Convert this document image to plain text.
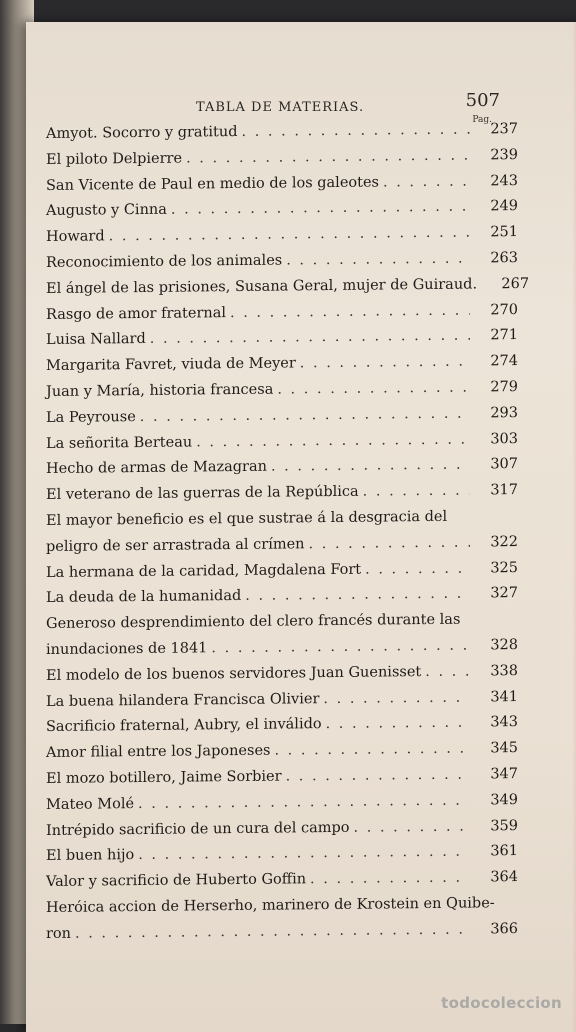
TABLA DE MATERIAS.	507
Pag.
Amyot. Socorro y gratitud . . .	237
El piloto Delpierre . . .	239
San Vicente de Paul en medio de los galeotes . . .	243
Augusto y Cinna . . .	249
Howard . . .	251
Reconocimiento de los animales . . .	263
El ángel de las prisiones, Susana Geral, mujer de Guiraud.	267
Rasgo de amor fraternal . . .	270
Luisa Nallard . . .	271
Margarita Favret, viuda de Meyer . . .	274
Juan y María, historia francesa . . .	279
La Peyrouse . . .	293
La señorita Berteau . . .	303
Hecho de armas de Mazagran . . .	307
El veterano de las guerras de la República . . .	317
El mayor beneficio es el que sustrae á la desgracia del
peligro de ser arrastrada al crímen . . .	322
La hermana de la caridad, Magdalena Fort . . .	325
La deuda de la humanidad . . .	327
Generoso desprendimiento del clero francés durante las
inundaciones de 1841 . . .	328
El modelo de los buenos servidores Juan Guenisset . . .	338
La buena hilandera Francisca Olivier . . .	341
Sacrificio fraternal, Aubry, el inválido . . .	343
Amor filial entre los Japoneses . . .	345
El mozo botillero, Jaime Sorbier . . .	347
Mateo Molé . . .	349
Intrépido sacrificio de un cura del campo . . .	359
El buen hijo . . .	361
Valor y sacrificio de Huberto Goffin . . .	364
Heróica accion de Herserho, marinero de Krostein en Quibe-
ron . . .	366
todocoleccion
